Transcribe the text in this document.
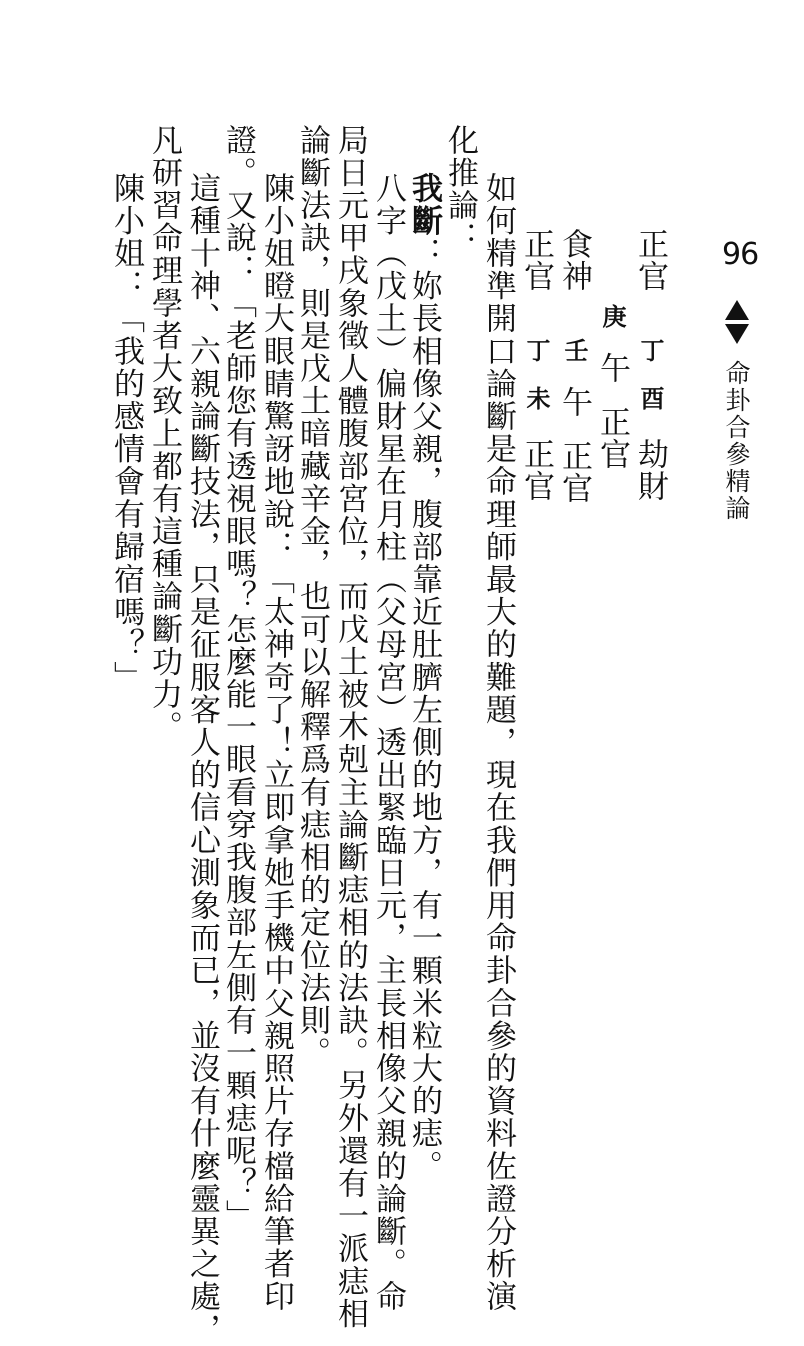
96
命卦合參精論
正官丁酉劫財
庚午正官
食神壬午正官
正官丁未正官
如何精準開口論斷是命理師最大的難題，現在我們用命卦合參的資料佐證分析演
化推論：
我斷：妳長相像父親，腹部靠近肚臍左側的地方，有一顆米粒大的痣。
八字（戊土）偏財星在月柱（父母宮）透出緊臨日元，主長相像父親的論斷。命
局日元甲戌象徵人體腹部宮位，而戊土被木剋主論斷痣相的法訣。另外還有一派痣相
論斷法訣，則是戊土暗藏辛金，也可以解釋爲有痣相的定位法則。
陳小姐瞪大眼睛驚訝地說：「太神奇了！立即拿她手機中父親照片存檔給筆者印
證。又說：「老師您有透視眼嗎？怎麼能一眼看穿我腹部左側有一顆痣呢？」
這種十神、六親論斷技法，只是征服客人的信心測象而已，並沒有什麼靈異之處，
凡研習命理學者大致上都有這種論斷功力。
陳小姐：「我的感情會有歸宿嗎？」
